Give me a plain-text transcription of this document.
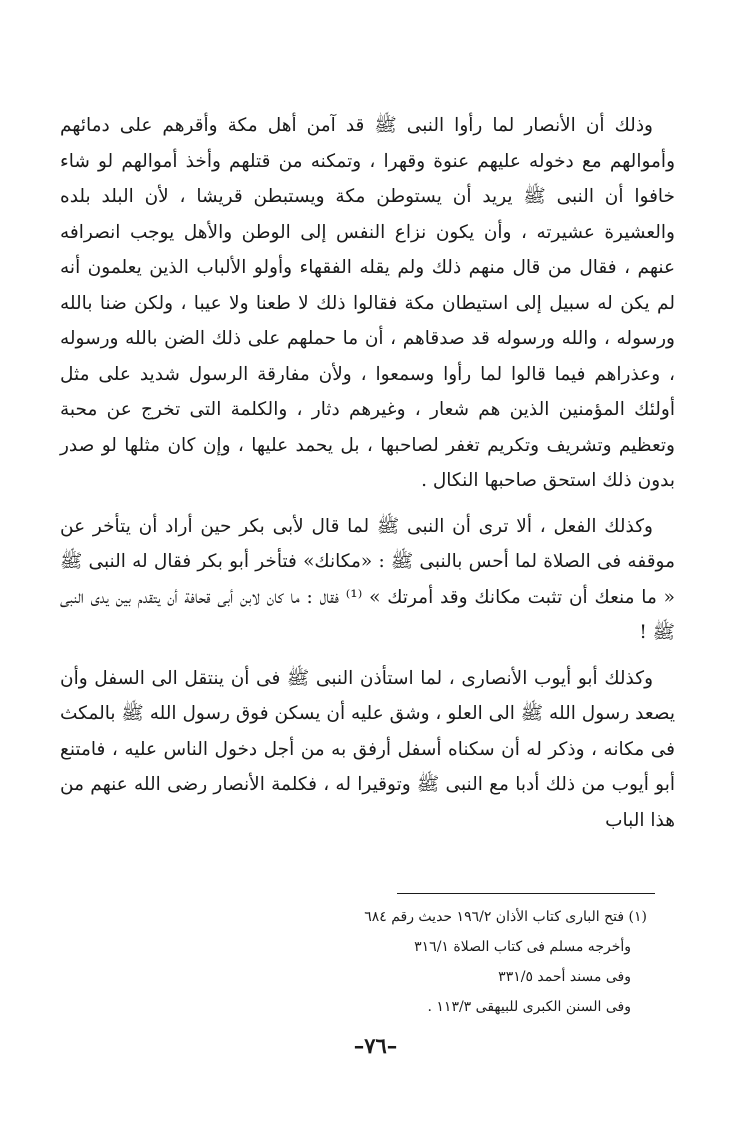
وذلك أن الأنصار لما رأوا النبى ﷺ قد آمن أهل مكة وأقرهم على دمائهم وأموالهم مع دخوله عليهم عنوة وقهرا ، وتمكنه من قتلهم وأخذ أموالهم لو شاء خافوا أن النبى ﷺ يريد أن يستوطن مكة ويستبطن قريشا ، لأن البلد بلده والعشيرة عشيرته ، وأن يكون نزاع النفس إلى الوطن والأهل يوجب انصرافه عنهم ، فقال من قال منهم ذلك ولم يقله الفقهاء وأولو الألباب الذين يعلمون أنه لم يكن له سبيل إلى استيطان مكة فقالوا ذلك لا طعنا ولا عيبا ، ولكن ضنا بالله ورسوله ، والله ورسوله قد صدقاهم ، أن ما حملهم على ذلك الضن بالله ورسوله ، وعذراهم فيما قالوا لما رأوا وسمعوا ، ولأن مفارقة الرسول شديد على مثل أولئك المؤمنين الذين هم شعار ، وغيرهم دثار ، والكلمة التى تخرج عن محبة وتعظيم وتشريف وتكريم تغفر لصاحبها ، بل يحمد عليها ، وإن كان مثلها لو صدر بدون ذلك استحق صاحبها النكال .

وكذلك الفعل ، ألا ترى أن النبى ﷺ لما قال لأبى بكر حين أراد أن يتأخر عن موقفه فى الصلاة لما أحس بالنبى ﷺ : «مكانك» فتأخر أبو بكر فقال له النبى ﷺ « ما منعك أن تثبت مكانك وقد أمرتك » ⁽¹⁾ فقال : ما كان لابن أبى قحافة أن يتقدم بين يدى النبى ﷺ !

وكذلك أبو أيوب الأنصارى ، لما استأذن النبى ﷺ فى أن ينتقل الى السفل وأن يصعد رسول الله ﷺ الى العلو ، وشق عليه أن يسكن فوق رسول الله ﷺ بالمكث فى مكانه ، وذكر له أن سكناه أسفل أرفق به من أجل دخول الناس عليه ، فامتنع أبو أيوب من ذلك أدبا مع النبى ﷺ وتوقيرا له ، فكلمة الأنصار رضى الله عنهم من هذا الباب

(١) فتح البارى كتاب الأذان ١٩٦/٢ حديث رقم ٦٨٤
وأخرجه مسلم فى كتاب الصلاة ٣١٦/١
وفى مسند أحمد ٣٣١/٥
وفى السنن الكبرى للبيهقى ١١٣/٣ .
–٧٦–
